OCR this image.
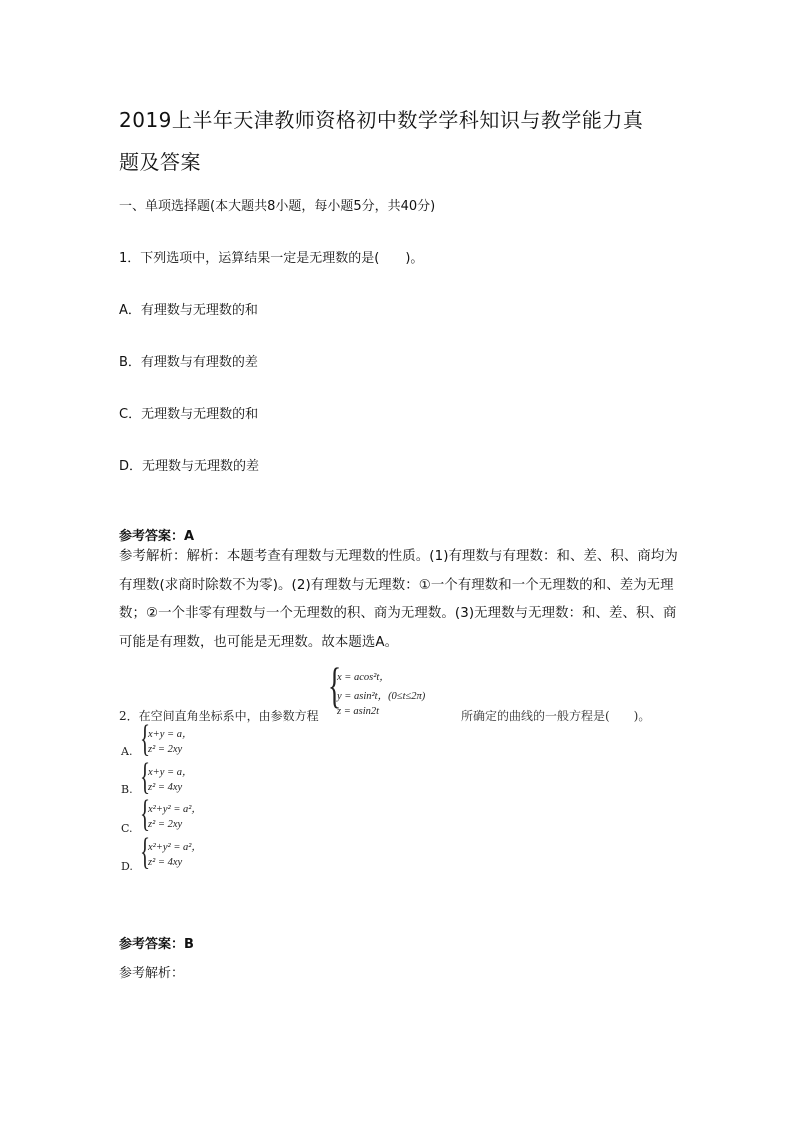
2019上半年天津教师资格初中数学学科知识与教学能力真
题及答案
一、单项选择题(本大题共8小题，每小题5分，共40分)
1．下列选项中，运算结果一定是无理数的是(　　)。
A．有理数与无理数的和
B．有理数与有理数的差
C．无理数与无理数的和
D．无理数与无理数的差
参考答案：A
参考解析：解析：本题考查有理数与无理数的性质。(1)有理数与有理数：和、差、积、商均为有理数(求商时除数不为零)。(2)有理数与无理数：①一个有理数和一个无理数的和、差为无理数；②一个非零有理数与一个无理数的积、商为无理数。(3)无理数与无理数：和、差、积、商可能是有理数，也可能是无理数。故本题选A。
2．在空间直角坐标系中，由参数方程
{
x = acos²t，
y = asin²t，(0≤t≤2π)
z = asin2t	所确定的曲线的一般方程是(　　)。
A. {
x+y = a，
z² = 2xy
B. {
x+y = a，
z² = 4xy
C. {
x²+y² = a²，
z² = 2xy
D. {
x²+y² = a²，
z² = 4xy
参考答案：B
参考解析：
